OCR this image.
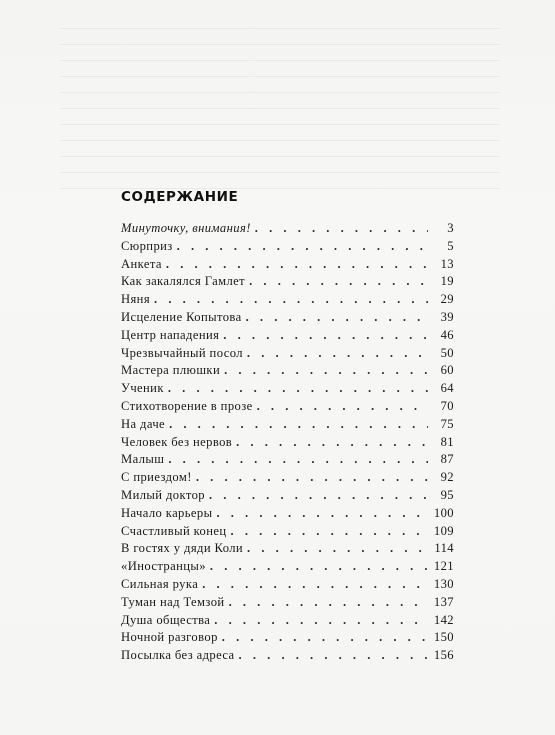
СОДЕРЖАНИЕ
Минуточку, внимания! . . .	3
Сюрприз . . .	5
Анкета . . .	13
Как закалялся Гамлет . . .	19
Няня . . .	29
Исцеление Копытова . . .	39
Центр нападения . . .	46
Чрезвычайный посол . . .	50
Мастера плюшки . . .	60
Ученик . . .	64
Стихотворение в прозе . . .	70
На даче . . .	75
Человек без нервов . . .	81
Малыш . . .	87
С приездом! . . .	92
Милый доктор . . .	95
Начало карьеры . . .	100
Счастливый конец . . .	109
В гостях у дяди Коли . . .	114
«Иностранцы» . . .	121
Сильная рука . . .	130
Туман над Темзой . . .	137
Душа общества . . .	142
Ночной разговор . . .	150
Посылка без адреса . . .	156
